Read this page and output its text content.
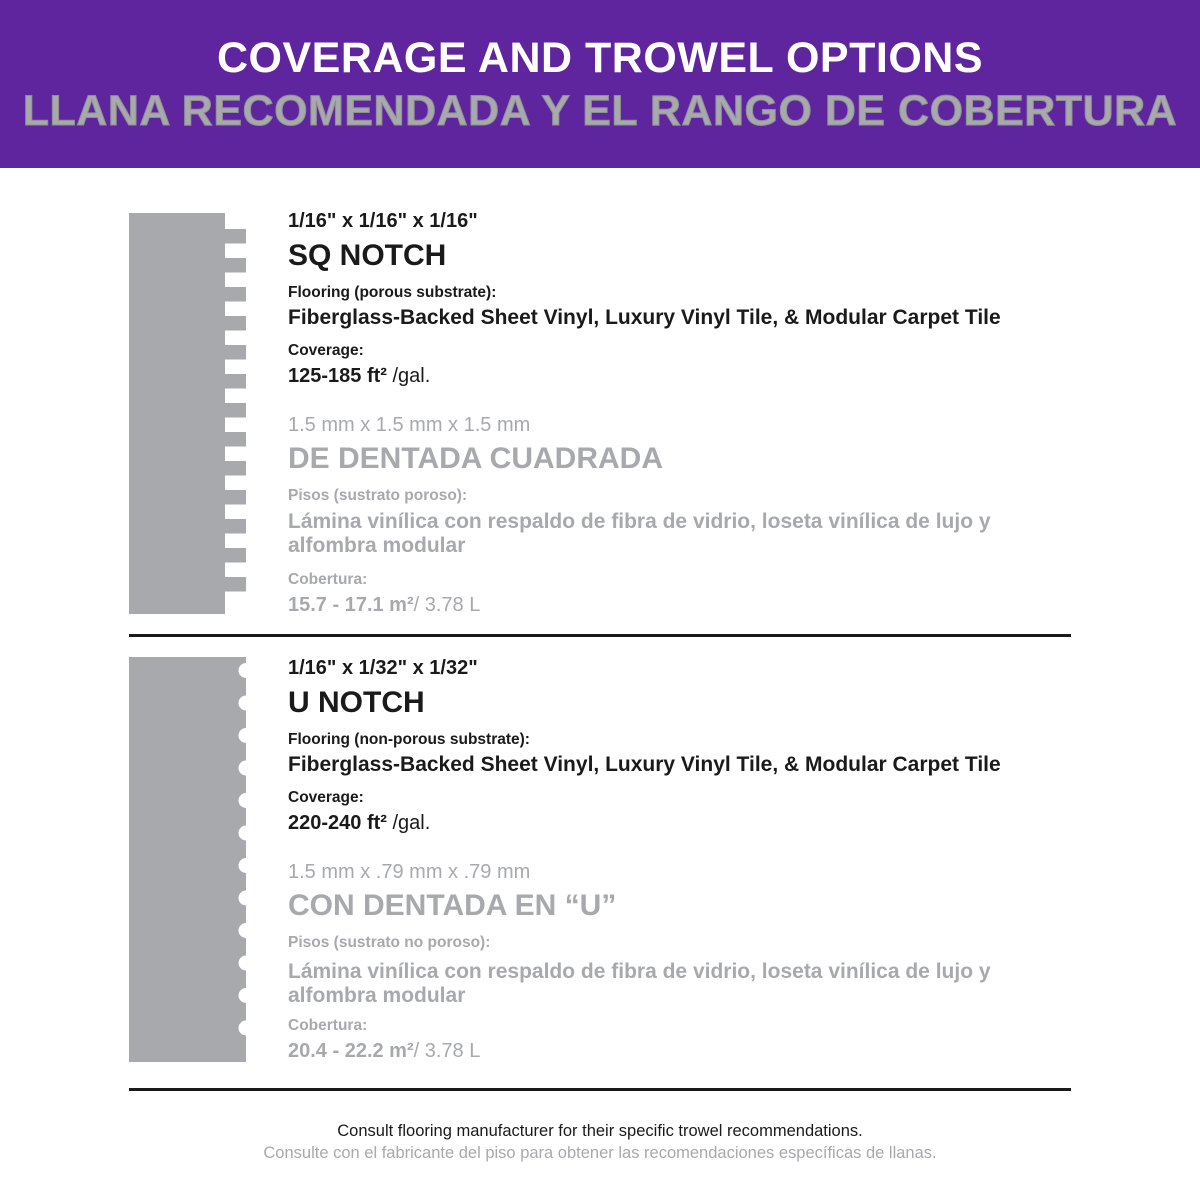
COVERAGE AND TROWEL OPTIONS
LLANA RECOMENDADA Y EL RANGO DE COBERTURA
1/16" x 1/16" x 1/16"
SQ NOTCH
Flooring (porous substrate):
Fiberglass-Backed Sheet Vinyl, Luxury Vinyl Tile, & Modular Carpet Tile
Coverage:
125-185 ft² /gal.
1.5 mm x 1.5 mm x 1.5 mm
DE DENTADA CUADRADA
Pisos (sustrato poroso):
Lámina vinílica con respaldo de fibra de vidrio, loseta vinílica de lujo y alfombra modular
Cobertura:
15.7 - 17.1 m²/ 3.78 L
1/16" x 1/32" x 1/32"
U NOTCH
Flooring (non-porous substrate):
Fiberglass-Backed Sheet Vinyl, Luxury Vinyl Tile, & Modular Carpet Tile
Coverage:
220-240 ft² /gal.
1.5 mm x .79 mm x .79 mm
CON DENTADA EN “U”
Pisos (sustrato no poroso):
Lámina vinílica con respaldo de fibra de vidrio, loseta vinílica de lujo y alfombra modular
Cobertura:
20.4 - 22.2 m²/ 3.78 L
Consult flooring manufacturer for their specific trowel recommendations.
Consulte con el fabricante del piso para obtener las recomendaciones específicas de llanas.
